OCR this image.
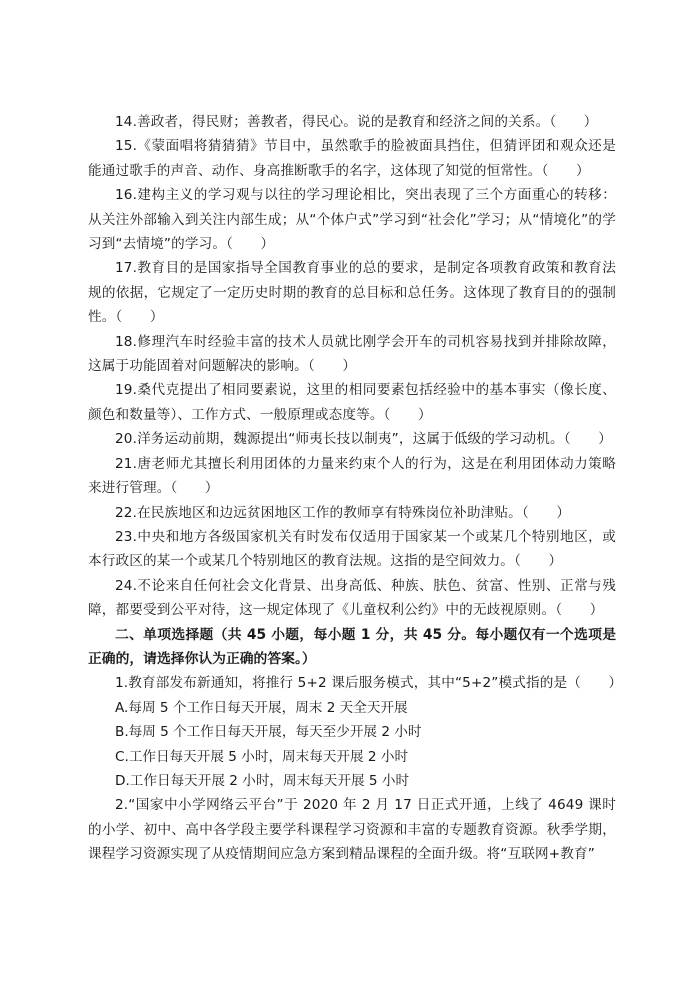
14.善政者，得民财；善教者，得民心。说的是教育和经济之间的关系。（　　）

15.《蒙面唱将猜猜猜》节目中，虽然歌手的脸被面具挡住，但猜评团和观众还是能通过歌手的声音、动作、身高推断歌手的名字，这体现了知觉的恒常性。（　　）

16.建构主义的学习观与以往的学习理论相比，突出表现了三个方面重心的转移：从关注外部输入到关注内部生成；从“个体户式”学习到“社会化”学习；从“情境化”的学习到“去情境”的学习。（　　）

17.教育目的是国家指导全国教育事业的总的要求，是制定各项教育政策和教育法规的依据，它规定了一定历史时期的教育的总目标和总任务。这体现了教育目的的强制性。（　　）

18.修理汽车时经验丰富的技术人员就比刚学会开车的司机容易找到并排除故障，这属于功能固着对问题解决的影响。（　　）

19.桑代克提出了相同要素说，这里的相同要素包括经验中的基本事实（像长度、颜色和数量等）、工作方式、一般原理或态度等。（　　）

20.洋务运动前期，魏源提出“师夷长技以制夷”，这属于低级的学习动机。（　　）

21.唐老师尤其擅长利用团体的力量来约束个人的行为，这是在利用团体动力策略来进行管理。（　　）

22.在民族地区和边远贫困地区工作的教师享有特殊岗位补助津贴。（　　）

23.中央和地方各级国家机关有时发布仅适用于国家某一个或某几个特别地区，或本行政区的某一个或某几个特别地区的教育法规。这指的是空间效力。（　　）

24.不论来自任何社会文化背景、出身高低、种族、肤色、贫富、性别、正常与残障，都要受到公平对待，这一规定体现了《儿童权利公约》中的无歧视原则。（　　）

二、单项选择题（共 45 小题，每小题 1 分，共 45 分。每小题仅有一个选项是正确的，请选择你认为正确的答案。）

1.教育部发布新通知，将推行 5+2 课后服务模式，其中“5+2”模式指的是（　　）

A.每周 5 个工作日每天开展，周末 2 天全天开展

B.每周 5 个工作日每天开展，每天至少开展 2 小时

C.工作日每天开展 5 小时，周末每天开展 2 小时

D.工作日每天开展 2 小时，周末每天开展 5 小时

2.“国家中小学网络云平台”于 2020 年 2 月 17 日正式开通，上线了 4649 课时的小学、初中、高中各学段主要学科课程学习资源和丰富的专题教育资源。秋季学期，课程学习资源实现了从疫情期间应急方案到精品课程的全面升级。将“互联网+教育”
